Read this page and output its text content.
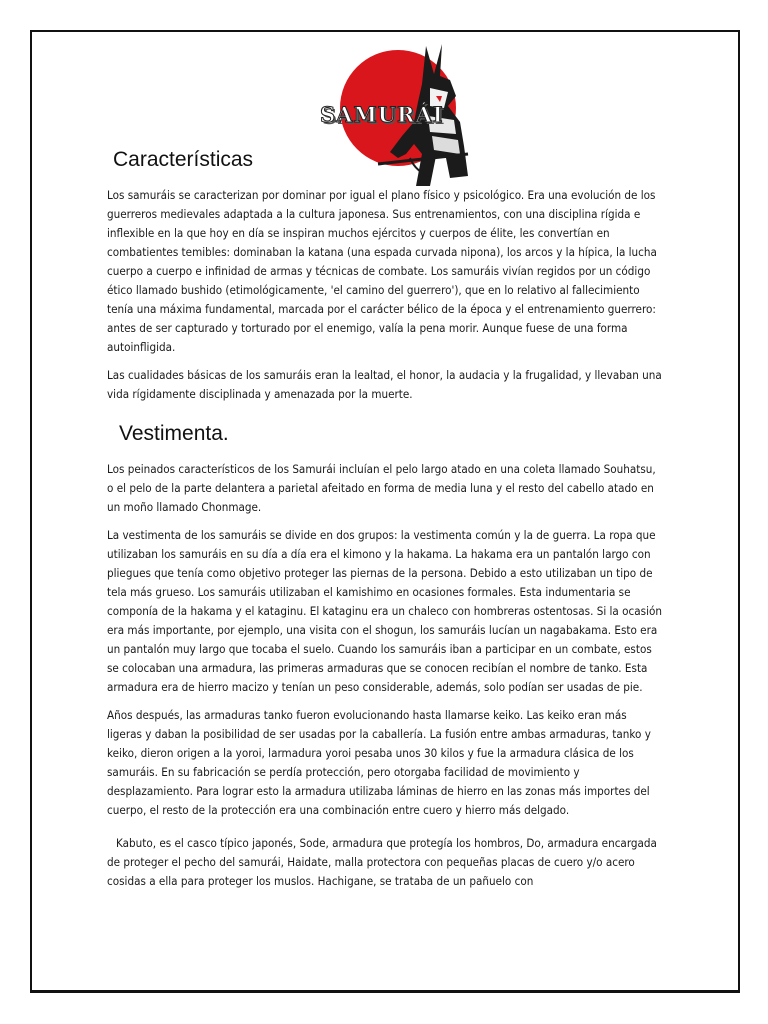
SAMURÁI
Características

Los samuráis se caracterizan por dominar por igual el plano físico y psicológico. Era una evolución de los guerreros medievales adaptada a la cultura japonesa. Sus entrenamientos, con una disciplina rígida e inflexible en la que hoy en día se inspiran muchos ejércitos y cuerpos de élite, les convertían en combatientes temibles: dominaban la katana (una espada curvada nipona), los arcos y la hípica, la lucha cuerpo a cuerpo e infinidad de armas y técnicas de combate. Los samuráis vivían regidos por un código ético llamado bushido (etimológicamente, 'el camino del guerrero'), que en lo relativo al fallecimiento tenía una máxima fundamental, marcada por el carácter bélico de la época y el entrenamiento guerrero: antes de ser capturado y torturado por el enemigo, valía la pena morir. Aunque fuese de una forma autoinfligida.

Las cualidades básicas de los samuráis eran la lealtad, el honor, la audacia y la frugalidad, y llevaban una vida rígidamente disciplinada y amenazada por la muerte.

Vestimenta.

Los peinados característicos de los Samurái incluían el pelo largo atado en una coleta llamado Souhatsu, o el pelo de la parte delantera a parietal afeitado en forma de media luna y el resto del cabello atado en un moño llamado Chonmage.

La vestimenta de los samuráis se divide en dos grupos: la vestimenta común y la de guerra. La ropa que utilizaban los samuráis en su día a día era el kimono y la hakama. La hakama era un pantalón largo con pliegues que tenía como objetivo proteger las piernas de la persona. Debido a esto utilizaban un tipo de tela más grueso. Los samuráis utilizaban el kamishimo en ocasiones formales. Esta indumentaria se componía de la hakama y el kataginu. El kataginu era un chaleco con hombreras ostentosas. Si la ocasión era más importante, por ejemplo, una visita con el shogun, los samuráis lucían un nagabakama. Esto era un pantalón muy largo que tocaba el suelo. Cuando los samuráis iban a participar en un combate, estos se colocaban una armadura, las primeras armaduras que se conocen recibían el nombre de tanko. Esta armadura era de hierro macizo y tenían un peso considerable, además, solo podían ser usadas de pie.

Años después, las armaduras tanko fueron evolucionando hasta llamarse keiko. Las keiko eran más ligeras y daban la posibilidad de ser usadas por la caballería. La fusión entre ambas armaduras, tanko y keiko, dieron origen a la yoroi, larmadura yoroi pesaba unos 30 kilos y fue la armadura clásica de los samuráis. En su fabricación se perdía protección, pero otorgaba facilidad de movimiento y desplazamiento. Para lograr esto la armadura utilizaba láminas de hierro en las zonas más importes del cuerpo, el resto de la protección era una combinación entre cuero y hierro más delgado.

Kabuto, es el casco típico japonés, Sode, armadura que protegía los hombros, Do, armadura encargada de proteger el pecho del samurái, Haidate, malla protectora con pequeñas placas de cuero y/o acero cosidas a ella para proteger los muslos. Hachigane, se trataba de un pañuelo con
